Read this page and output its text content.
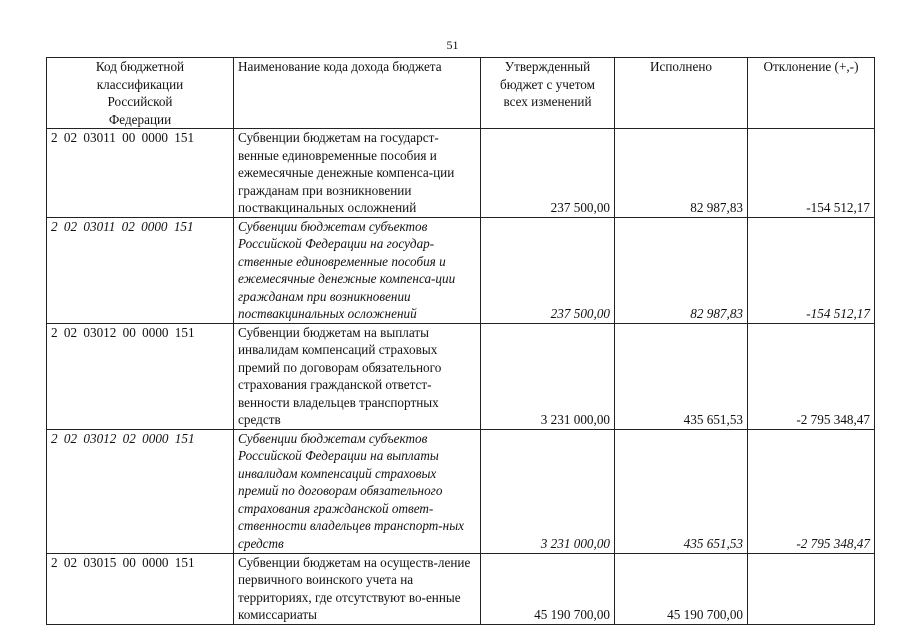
51
Код бюджетной классификации Российской Федерации	Наименование кода дохода бюджета	Утвержденный бюджет с учетом всех изменений	Исполнено	Отклонение (+,-)
2 02 03011 00 0000 151	Субвенции бюджетам на государст-венные единовременные пособия и ежемесячные денежные компенса-ции гражданам при возникновении поствакцинальных осложнений	237 500,00	82 987,83	-154 512,17
2 02 03011 02 0000 151	Субвенции бюджетам субъектов Российской Федерации на государ-ственные единовременные пособия и ежемесячные денежные компенса-ции гражданам при возникновении поствакцинальных осложнений	237 500,00	82 987,83	-154 512,17
2 02 03012 00 0000 151	Субвенции бюджетам на выплаты инвалидам компенсаций страховых премий по договорам обязательного страхования гражданской ответст-венности владельцев транспортных средств	3 231 000,00	435 651,53	-2 795 348,47
2 02 03012 02 0000 151	Субвенции бюджетам субъектов Российской Федерации на выплаты инвалидам компенсаций страховых премий по договорам обязательного страхования гражданской ответ-ственности владельцев транспорт-ных средств	3 231 000,00	435 651,53	-2 795 348,47
2 02 03015 00 0000 151	Субвенции бюджетам на осуществ-ление первичного воинского учета на территориях, где отсутствуют во-енные комиссариаты	45 190 700,00	45 190 700,00	
